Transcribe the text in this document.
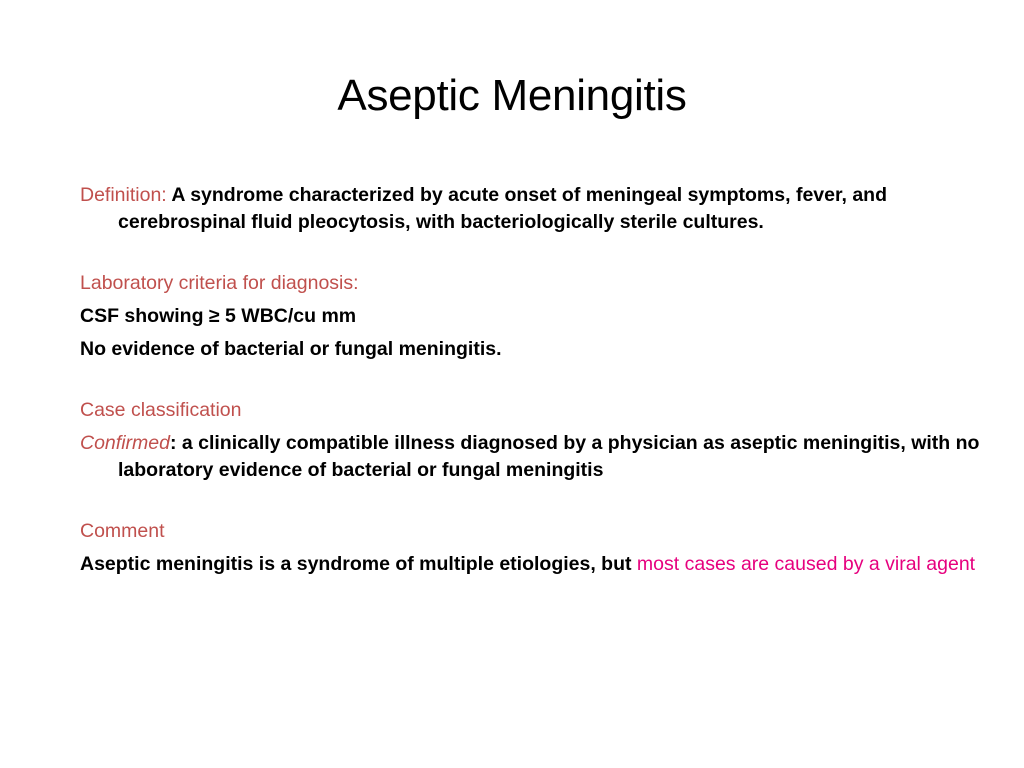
Aseptic Meningitis

Definition: A syndrome characterized by acute onset of meningeal symptoms, fever, and cerebrospinal fluid pleocytosis, with bacteriologically sterile cultures.

Laboratory criteria for diagnosis:

CSF showing ≥ 5 WBC/cu mm

No evidence of bacterial or fungal meningitis.

Case classification

Confirmed: a clinically compatible illness diagnosed by a physician as aseptic meningitis, with no laboratory evidence of bacterial or fungal meningitis

Comment

Aseptic meningitis is a syndrome of multiple etiologies, but most cases are caused by a viral agent
